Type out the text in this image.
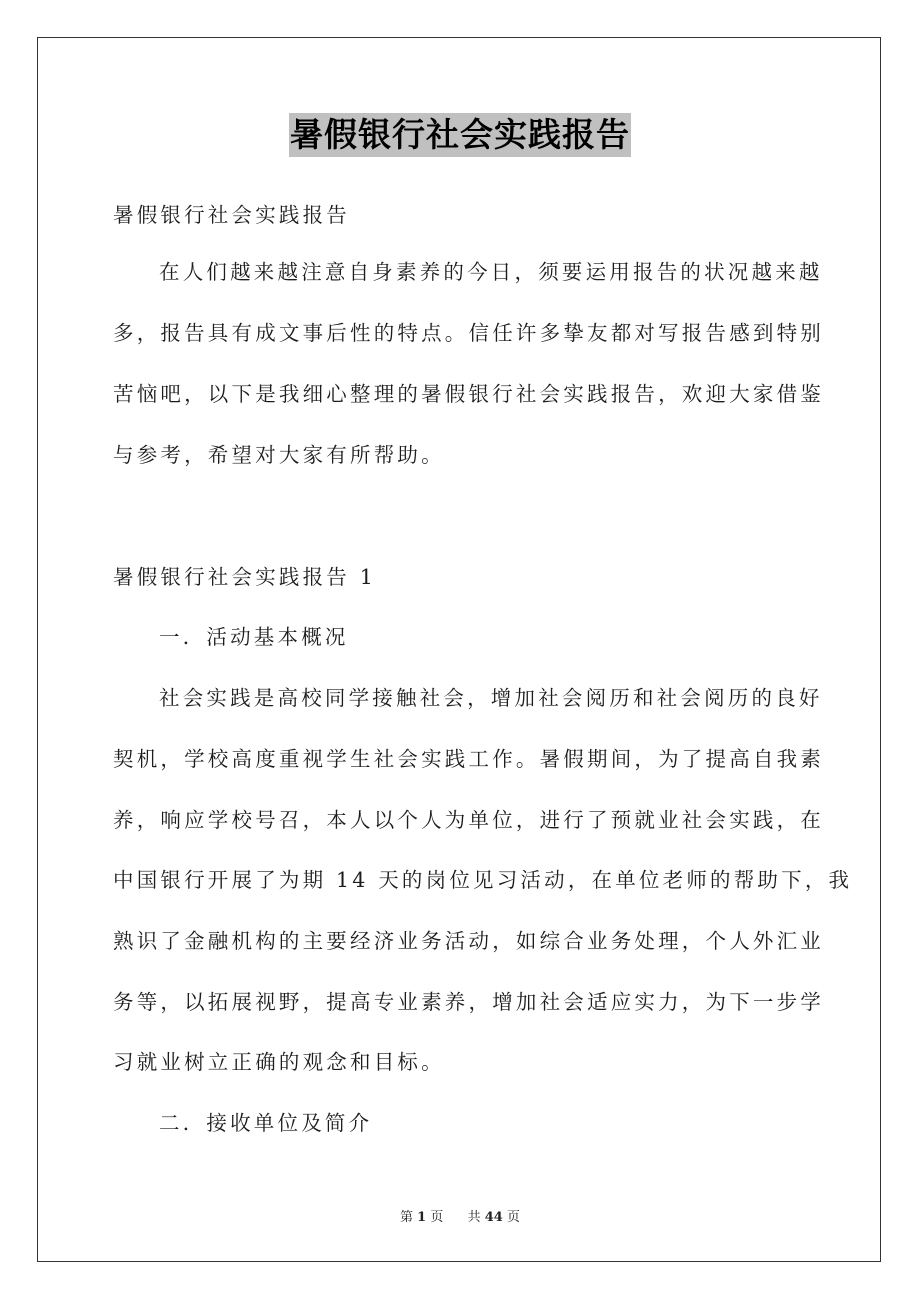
暑假银行社会实践报告
暑假银行社会实践报告
在人们越来越注意自身素养的今日，须要运用报告的状况越来越
多，报告具有成文事后性的特点。信任许多挚友都对写报告感到特别
苦恼吧，以下是我细心整理的暑假银行社会实践报告，欢迎大家借鉴
与参考，希望对大家有所帮助。
暑假银行社会实践报告 1
一．活动基本概况
社会实践是高校同学接触社会，增加社会阅历和社会阅历的良好
契机，学校高度重视学生社会实践工作。暑假期间，为了提高自我素
养，响应学校号召，本人以个人为单位，进行了预就业社会实践，在
中国银行开展了为期 14 天的岗位见习活动，在单位老师的帮助下，我
熟识了金融机构的主要经济业务活动，如综合业务处理，个人外汇业
务等，以拓展视野，提高专业素养，增加社会适应实力，为下一步学
习就业树立正确的观念和目标。
二．接收单位及简介
第 1 页 共 44 页
